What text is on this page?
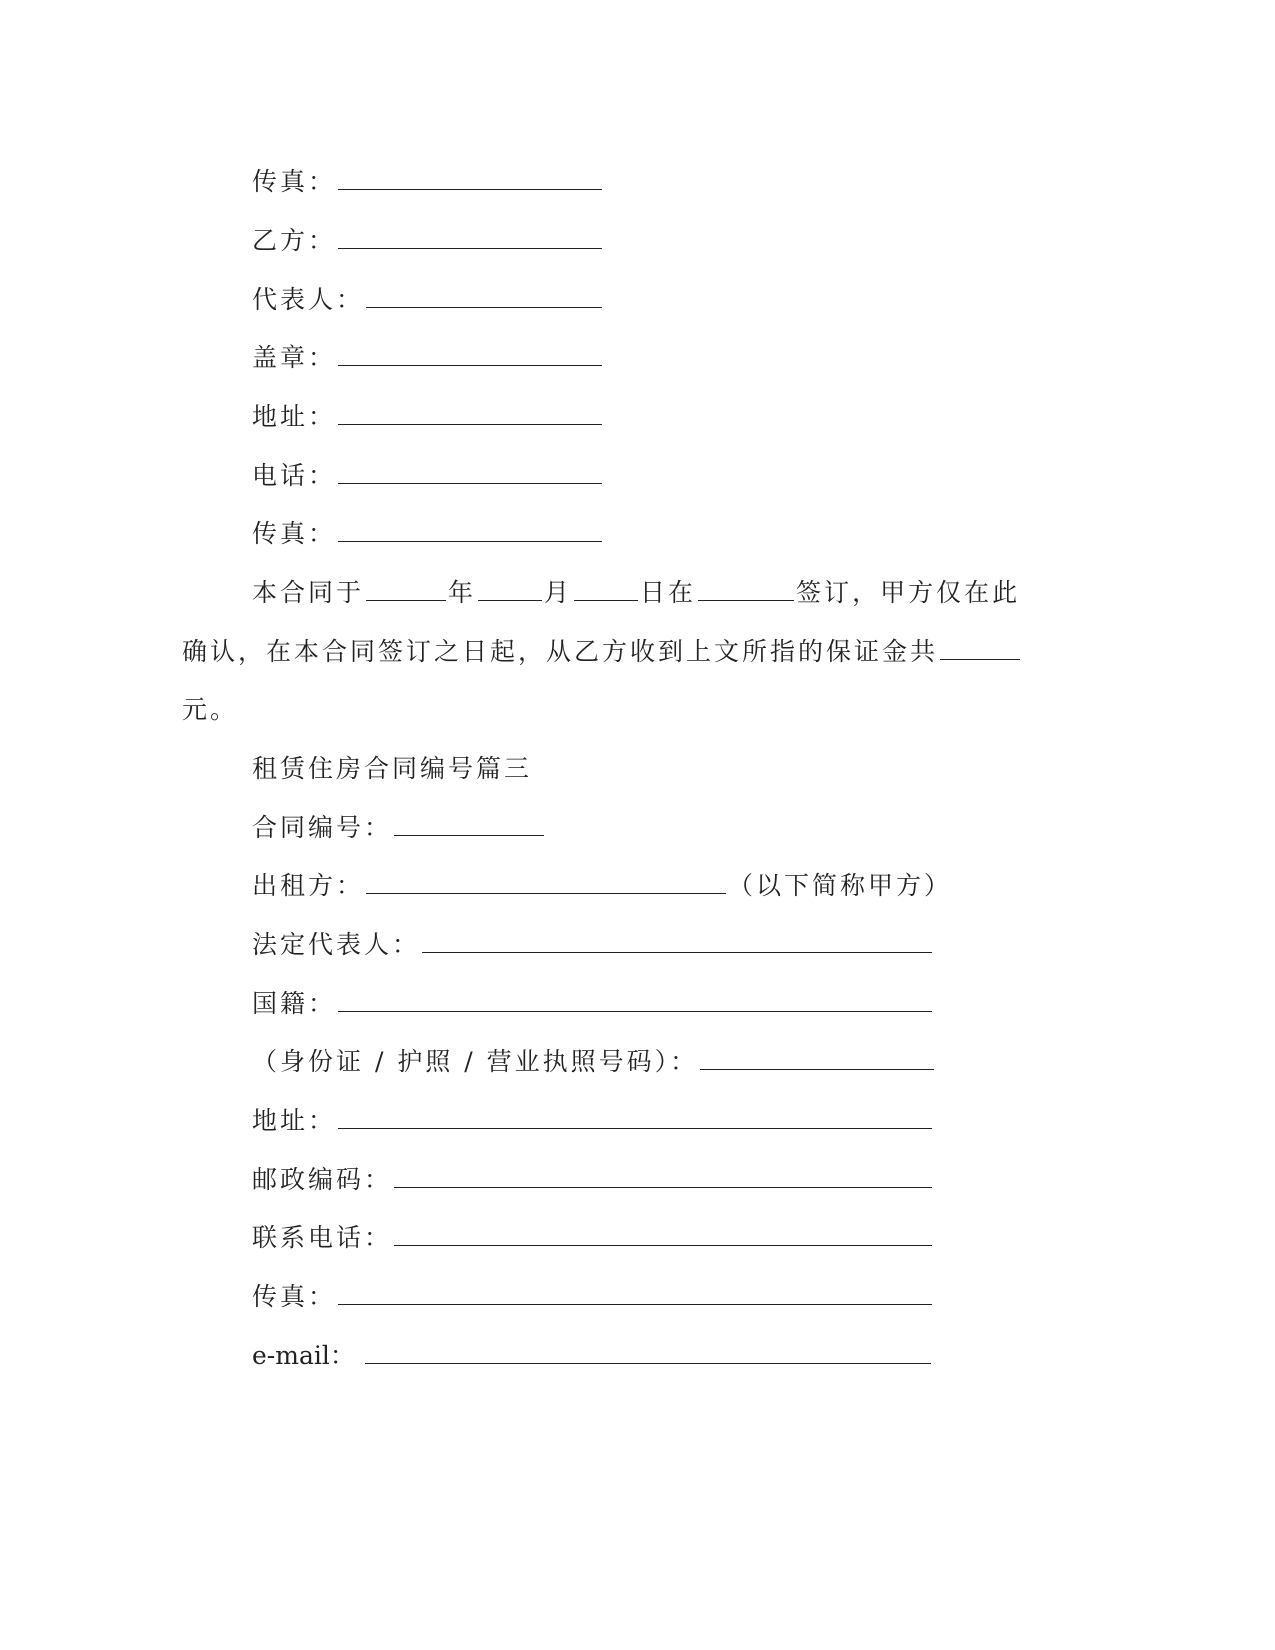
传真：
乙方：
代表人：
盖章：
地址：
电话：
传真：
本合同于	年	月	日在	签订，甲方仅在此
确认，在本合同签订之日起，从乙方收到上文所指的保证金共
元。
租赁住房合同编号篇三
合同编号：
出租方：	（以下简称甲方）
法定代表人：
国籍：
（身份证 / 护照 / 营业执照号码）：
地址：
邮政编码：
联系电话：
传真：
e-mail：
